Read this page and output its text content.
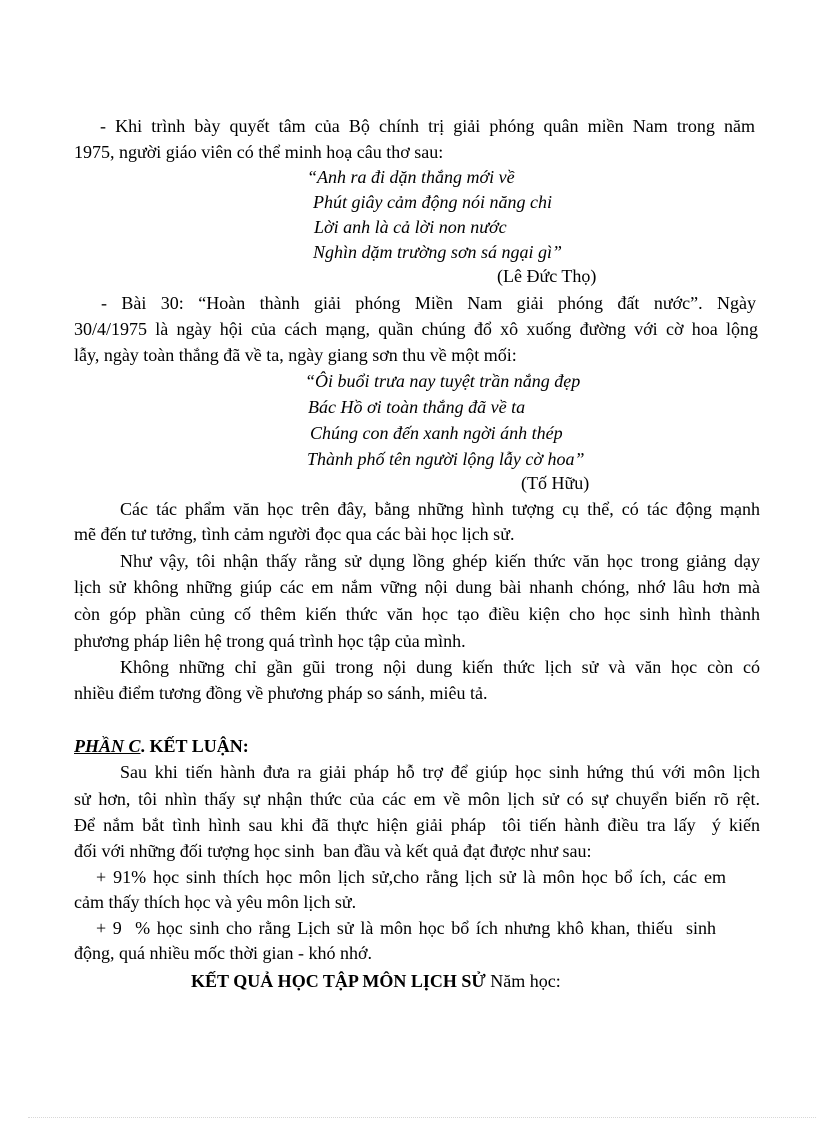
- Khi trình bày quyết tâm của Bộ chính trị giải phóng quân miền Nam trong năm
1975, người giáo viên có thể minh hoạ câu thơ sau:
“Anh ra đi dặn thắng mới về
Phút giây cảm động nói năng chi
Lời anh là cả lời non nước
Nghìn dặm trường sơn sá ngại gì”
(Lê Đức Thọ)
- Bài 30: “Hoàn thành giải phóng Miền Nam giải phóng đất nước”. Ngày
30/4/1975 là ngày hội của cách mạng, quần chúng đổ xô xuống đường với cờ hoa lộng
lẫy, ngày toàn thắng đã về ta, ngày giang sơn thu về một mối:
“Ôi buổi trưa nay tuyệt trần nắng đẹp
Bác Hồ ơi toàn thắng đã về ta
Chúng con đến xanh ngời ánh thép
Thành phố tên người lộng lẫy cờ hoa”
(Tố Hữu)
Các tác phẩm văn học trên đây, bằng những hình tượng cụ thể, có tác động mạnh
mẽ đến tư tưởng, tình cảm người đọc qua các bài học lịch sử.
Như vậy, tôi nhận thấy rằng sử dụng lồng ghép kiến thức văn học trong giảng dạy
lịch sử không những giúp các em nắm vững nội dung bài nhanh chóng, nhớ lâu hơn mà
còn góp phần củng cố thêm kiến thức văn học tạo điều kiện cho học sinh hình thành
phương pháp liên hệ trong quá trình học tập của mình.
Không những chỉ gần gũi trong nội dung kiến thức lịch sử và văn học còn có
nhiều điểm tương đồng về phương pháp so sánh, miêu tả.
PHẦN C. KẾT LUẬN:
Sau khi tiến hành đưa ra giải pháp hỗ trợ để giúp học sinh hứng thú với môn lịch
sử hơn, tôi nhìn thấy sự nhận thức của các em về môn lịch sử có sự chuyển biến rõ rệt.
Để nắm bắt tình hình sau khi đã thực hiện giải pháp  tôi tiến hành điều tra lấy  ý kiến
đối với những đối tượng học sinh  ban đầu và kết quả đạt được như sau:
+ 91% học sinh thích học môn lịch sử,cho rằng lịch sử là môn học bổ ích, các em
cảm thấy thích học và yêu môn lịch sử.
+ 9  % học sinh cho rằng Lịch sử là môn học bổ ích nhưng khô khan, thiếu  sinh
động, quá nhiều mốc thời gian - khó nhớ.
KẾT QUẢ HỌC TẬP MÔN LỊCH SỬ Năm học:
